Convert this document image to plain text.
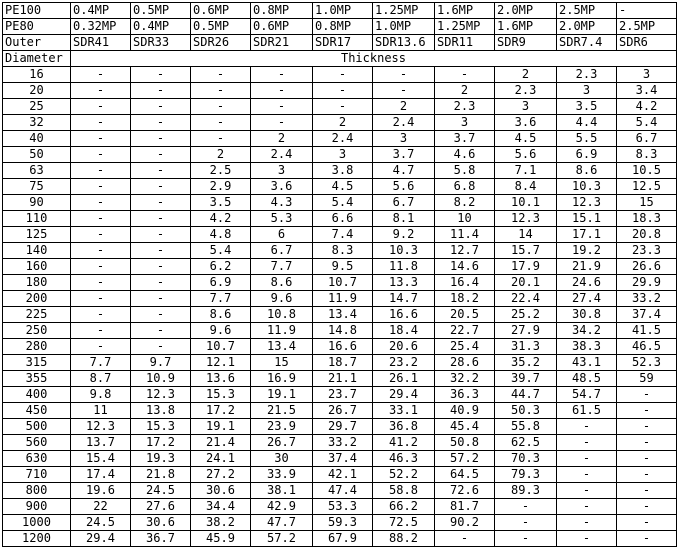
PE100	0.4MP	0.5MP	0.6MP	0.8MP	1.0MP	1.25MP	1.6MP	2.0MP	2.5MP	-
PE80	0.32MP	0.4MP	0.5MP	0.6MP	0.8MP	1.0MP	1.25MP	1.6MP	2.0MP	2.5MP
Outer	SDR41	SDR33	SDR26	SDR21	SDR17	SDR13.6	SDR11	SDR9	SDR7.4	SDR6
Diameter	Thickness									
16	-	-	-	-	-	-	-	2	2.3	3
20	-	-	-	-	-	-	2	2.3	3	3.4
25	-	-	-	-	-	2	2.3	3	3.5	4.2
32	-	-	-	-	2	2.4	3	3.6	4.4	5.4
40	-	-	-	2	2.4	3	3.7	4.5	5.5	6.7
50	-	-	2	2.4	3	3.7	4.6	5.6	6.9	8.3
63	-	-	2.5	3	3.8	4.7	5.8	7.1	8.6	10.5
75	-	-	2.9	3.6	4.5	5.6	6.8	8.4	10.3	12.5
90	-	-	3.5	4.3	5.4	6.7	8.2	10.1	12.3	15
110	-	-	4.2	5.3	6.6	8.1	10	12.3	15.1	18.3
125	-	-	4.8	6	7.4	9.2	11.4	14	17.1	20.8
140	-	-	5.4	6.7	8.3	10.3	12.7	15.7	19.2	23.3
160	-	-	6.2	7.7	9.5	11.8	14.6	17.9	21.9	26.6
180	-	-	6.9	8.6	10.7	13.3	16.4	20.1	24.6	29.9
200	-	-	7.7	9.6	11.9	14.7	18.2	22.4	27.4	33.2
225	-	-	8.6	10.8	13.4	16.6	20.5	25.2	30.8	37.4
250	-	-	9.6	11.9	14.8	18.4	22.7	27.9	34.2	41.5
280	-	-	10.7	13.4	16.6	20.6	25.4	31.3	38.3	46.5
315	7.7	9.7	12.1	15	18.7	23.2	28.6	35.2	43.1	52.3
355	8.7	10.9	13.6	16.9	21.1	26.1	32.2	39.7	48.5	59
400	9.8	12.3	15.3	19.1	23.7	29.4	36.3	44.7	54.7	-
450	11	13.8	17.2	21.5	26.7	33.1	40.9	50.3	61.5	-
500	12.3	15.3	19.1	23.9	29.7	36.8	45.4	55.8	-	-
560	13.7	17.2	21.4	26.7	33.2	41.2	50.8	62.5	-	-
630	15.4	19.3	24.1	30	37.4	46.3	57.2	70.3	-	-
710	17.4	21.8	27.2	33.9	42.1	52.2	64.5	79.3	-	-
800	19.6	24.5	30.6	38.1	47.4	58.8	72.6	89.3	-	-
900	22	27.6	34.4	42.9	53.3	66.2	81.7	-	-	-
1000	24.5	30.6	38.2	47.7	59.3	72.5	90.2	-	-	-
1200	29.4	36.7	45.9	57.2	67.9	88.2	-	-	-	-
